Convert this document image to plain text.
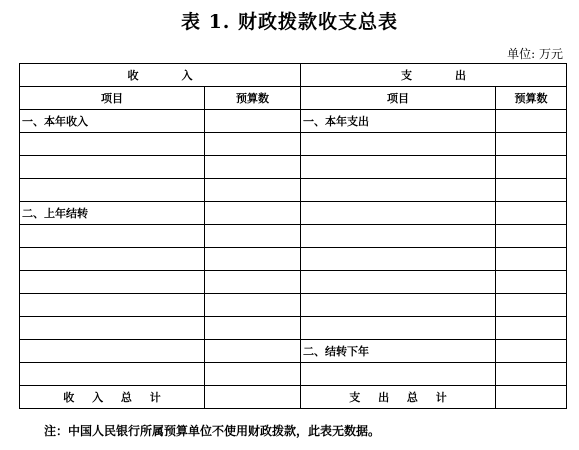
表 1. 财政拨款收支总表
单位: 万元
收　入		支　出	
项目	预算数	项目	预算数
一、本年收入		一、本年支出	

二、上年结转			

		二、结转下年	

收 入 总 计		支 出 总 计	
注：中国人民银行所属预算单位不使用财政拨款，此表无数据。
